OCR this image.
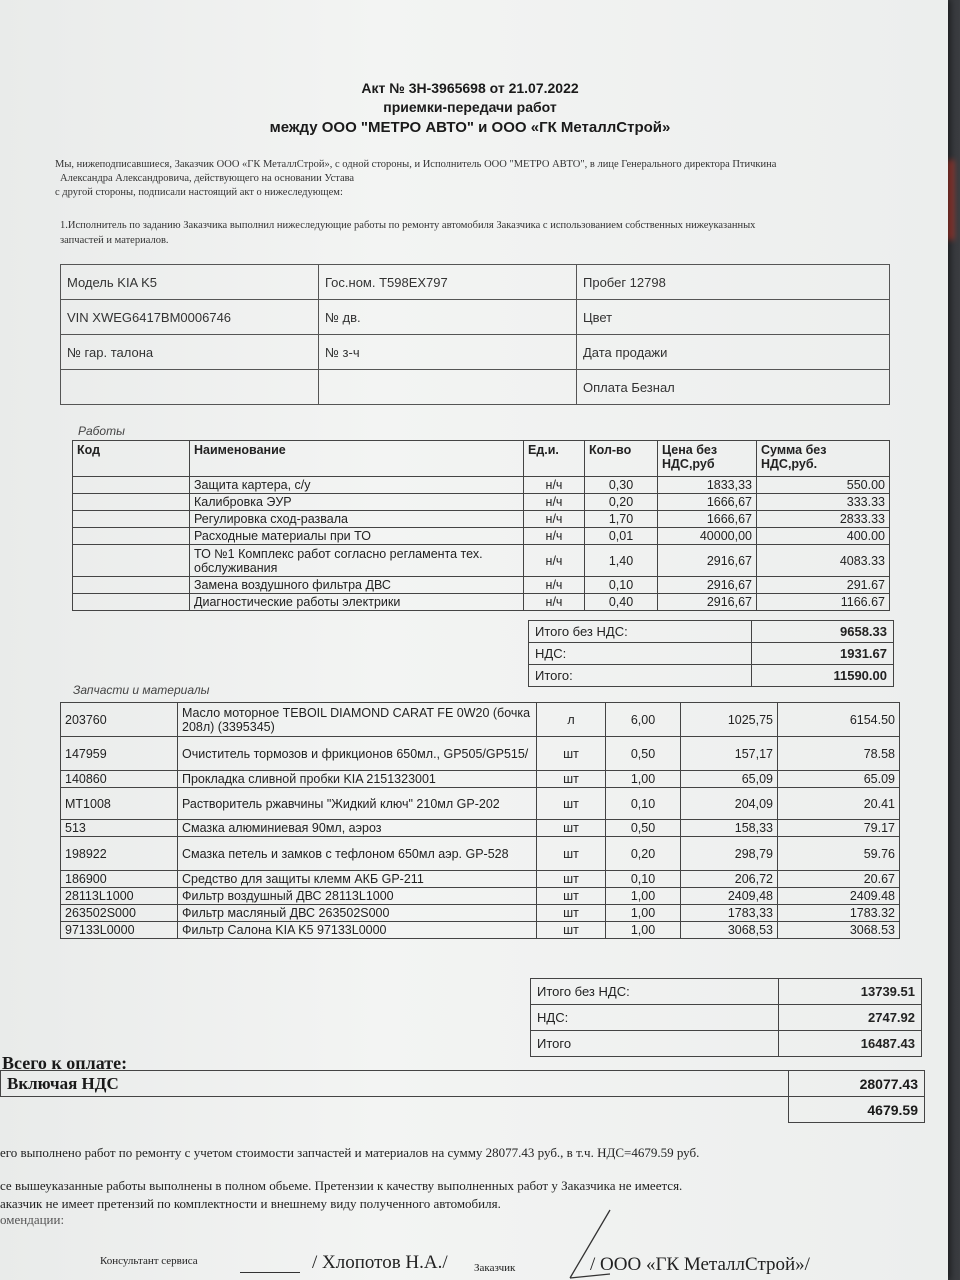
Акт № 3Н-3965698 от 21.07.2022
приемки-передачи работ
между ООО "МЕТРО АВТО" и ООО «ГК МеталлСтрой»
Мы, нижеподписавшиеся, Заказчик ООО «ГК МеталлСтрой», с одной стороны, и Исполнитель ООО "МЕТРО АВТО", в лице Генерального директора Птичкина
Александра Александровича, действующего на основании Устава
с другой стороны, подписали настоящий акт о нижеследующем:
1.Исполнитель по заданию Заказчика выполнил нижеследующие работы по ремонту автомобиля Заказчика с использованием собственных нижеуказанных
запчастей и материалов.
Модель KIA K5	Гос.ном. Т598ЕХ797	Пробег 12798
VIN XWEG6417BM0006746	№ дв.	Цвет
№ гар. талона	№ з-ч	Дата продажи
		Оплата Безнал
Работы
Код	Наименование	Ед.и.	Кол-во	Цена без НДС,руб	Сумма без НДС,руб.
	Защита картера, с/у	н/ч	0,30	1833,33	550.00
	Калибровка ЭУР	н/ч	0,20	1666,67	333.33
	Регулировка сход-развала	н/ч	1,70	1666,67	2833.33
	Расходные материалы при ТО	н/ч	0,01	40000,00	400.00
	ТО №1 Комплекс работ согласно регламента тех. обслуживания	н/ч	1,40	2916,67	4083.33
	Замена воздушного фильтра ДВС	н/ч	0,10	2916,67	291.67
	Диагностические работы электрики	н/ч	0,40	2916,67	1166.67
Итого без НДС:	9658.33
НДС:	1931.67
Итого:	11590.00
Запчасти и материалы
203760	Масло моторное TEBOIL DIAMOND CARAT FE 0W20 (бочка 208л) (3395345)	л	6,00	1025,75	6154.50
147959	Очиститель тормозов и фрикционов 650мл., GP505/GP515/	шт	0,50	157,17	78.58
140860	Прокладка сливной пробки KIA 2151323001	шт	1,00	65,09	65.09
MT1008	Растворитель ржавчины "Жидкий ключ" 210мл GP-202	шт	0,10	204,09	20.41
513	Смазка алюминиевая 90мл, аэроз	шт	0,50	158,33	79.17
198922	Смазка петель и замков с тефлоном 650мл аэр. GP-528	шт	0,20	298,79	59.76
186900	Средство для защиты клемм АКБ GP-211	шт	0,10	206,72	20.67
28113L1000	Фильтр воздушный ДВС 28113L1000	шт	1,00	2409,48	2409.48
263502S000	Фильтр масляный ДВС 263502S000	шт	1,00	1783,33	1783.32
97133L0000	Фильтр Салона KIA K5 97133L0000	шт	1,00	3068,53	3068.53
Итого без НДС:	13739.51
НДС:	2747.92
Итого	16487.43
Всего к оплате:
Включая НДС	28077.43
	4679.59
его выполнено работ по ремонту с учетом стоимости запчастей и материалов на сумму 28077.43 руб., в т.ч. НДС=4679.59 руб.
се вышеуказанные работы выполнены в полном обьеме. Претензии к качеству выполненных работ у Заказчика не имеется.
аказчик не имеет претензий по комплектности и внешнему виду полученного автомобиля.
омендации:
Консультант сервиса	/ Хлопотов Н.А./ Заказчик	/ ООО «ГК МеталлСтрой»/
